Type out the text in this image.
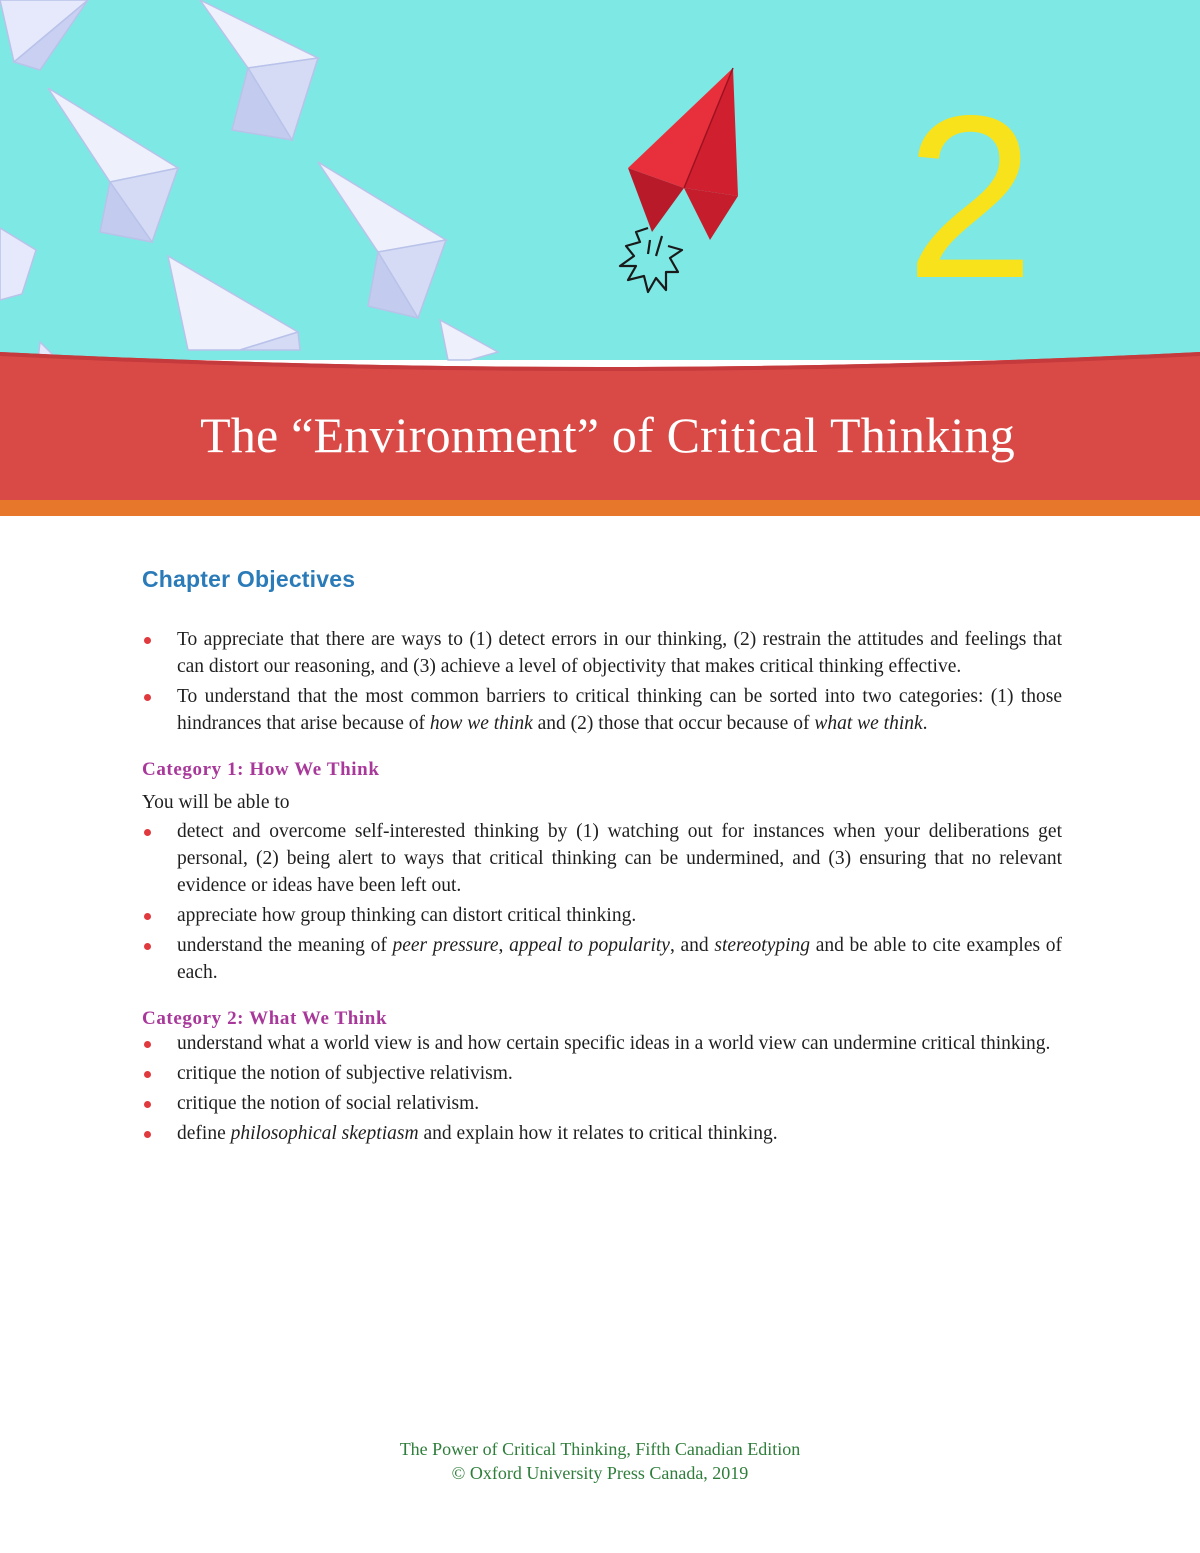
2
The “Environment” of Critical Thinking
Chapter Objectives
To appreciate that there are ways to (1) detect errors in our thinking, (2) restrain the attitudes and feelings that can distort our reasoning, and (3) achieve a level of objectivity that makes critical thinking effective.
To understand that the most common barriers to critical thinking can be sorted into two categories: (1) those hindrances that arise because of how we think and (2) those that occur because of what we think.
Category 1: How We Think

You will be able to

detect and overcome self-interested thinking by (1) watching out for instances when your deliberations get personal, (2) being alert to ways that critical thinking can be undermined, and (3) ensuring that no relevant evidence or ideas have been left out.
appreciate how group thinking can distort critical thinking.
understand the meaning of peer pressure, appeal to popularity, and stereotyping and be able to cite examples of each.
Category 2: What We Think
understand what a world view is and how certain specific ideas in a world view can undermine critical thinking.
critique the notion of subjective relativism.
critique the notion of social relativism.
define philosophical skeptiasm and explain how it relates to critical thinking.
The Power of Critical Thinking, Fifth Canadian Edition
© Oxford University Press Canada, 2019
